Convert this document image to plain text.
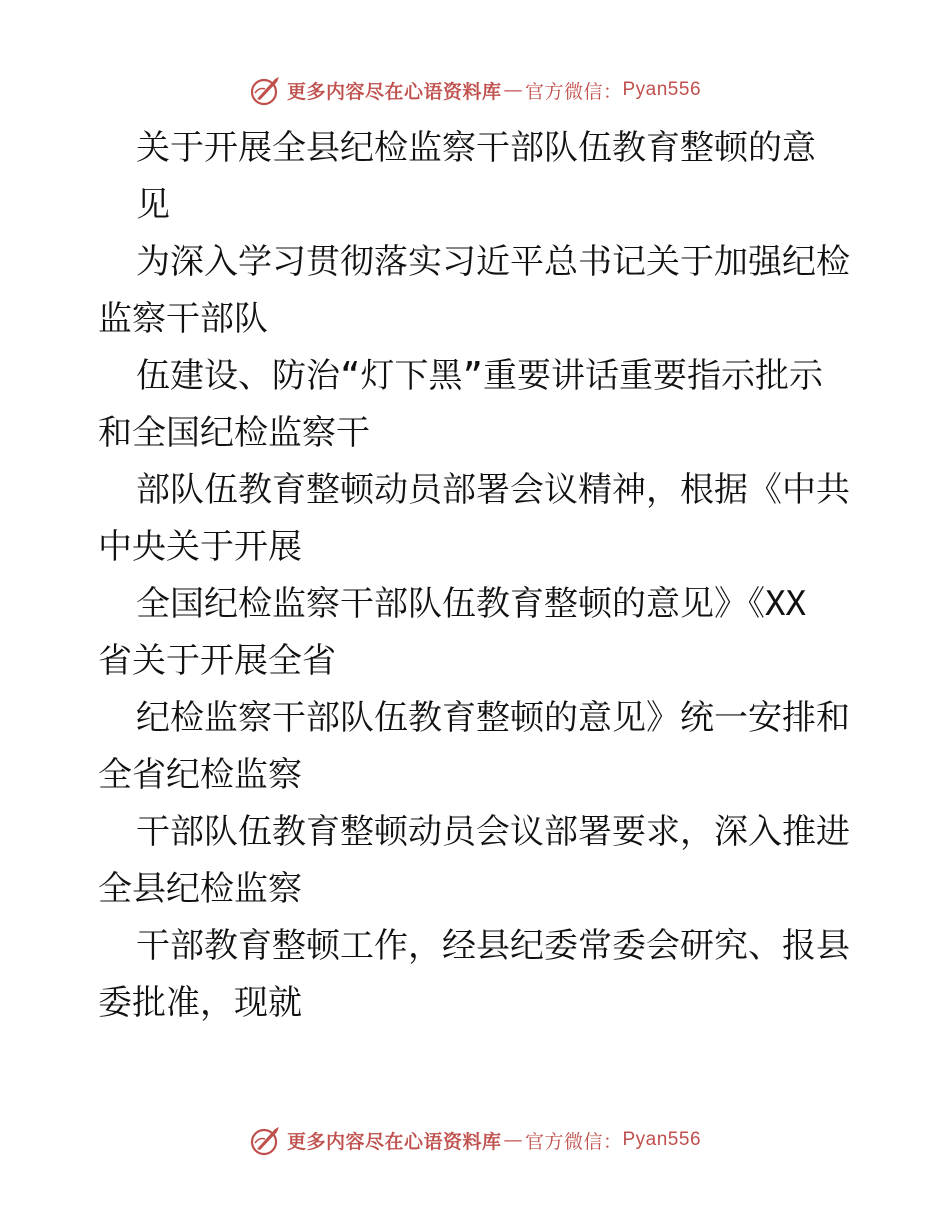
更多内容尽在心语资料库 — 官方微信： Pyan556
关于开展全县纪检监察干部队伍教育整顿的意
见
为深入学习贯彻落实习近平总书记关于加强纪检
监察干部队
伍建设、防治“灯下黑”重要讲话重要指示批示
和全国纪检监察干
部队伍教育整顿动员部署会议精神，根据《中共
中央关于开展
全国纪检监察干部队伍教育整顿的意见》《XX
省关于开展全省
纪检监察干部队伍教育整顿的意见》统一安排和
全省纪检监察
干部队伍教育整顿动员会议部署要求，深入推进
全县纪检监察
干部教育整顿工作，经县纪委常委会研究、报县
委批准，现就
更多内容尽在心语资料库 — 官方微信： Pyan556
